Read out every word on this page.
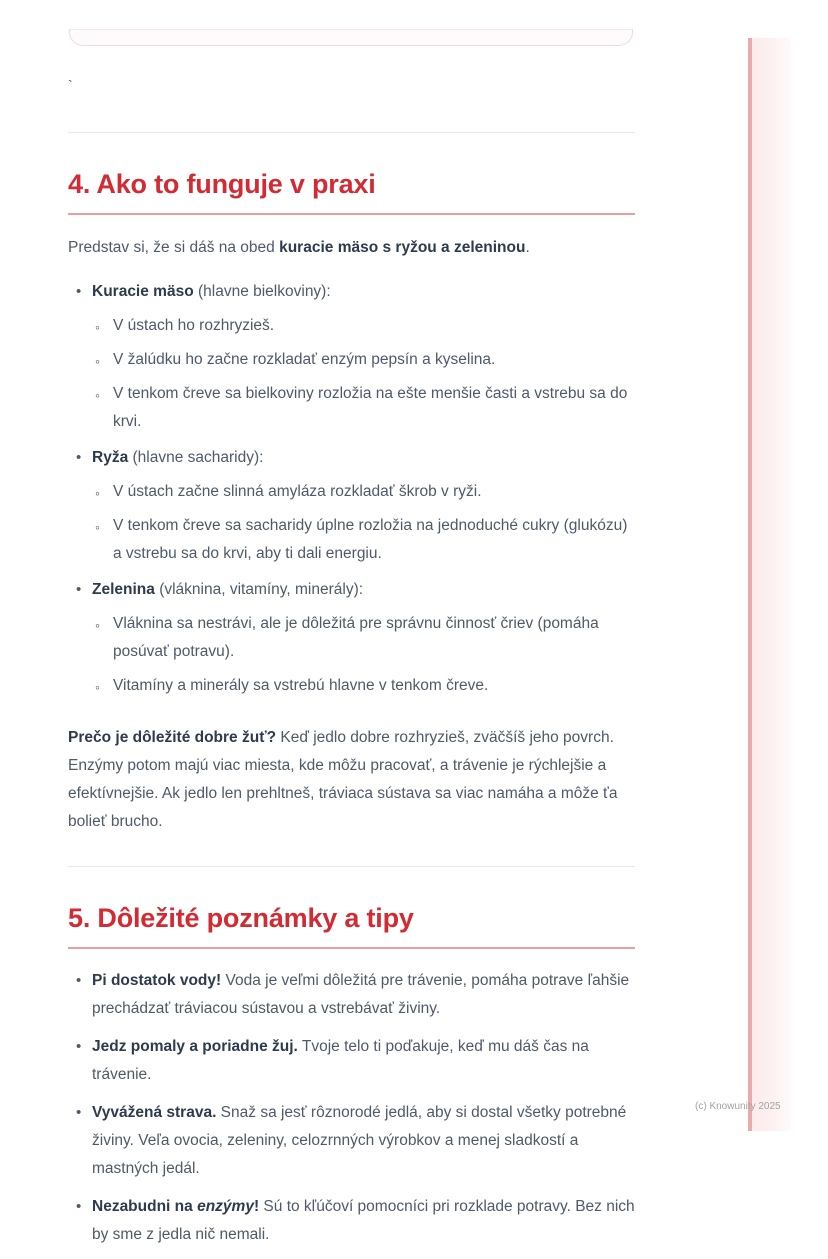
`
4. Ako to funguje v praxi

Predstav si, že si dáš na obed kuracie mäso s ryžou a zeleninou.

• Kuracie mäso (hlavne bielkoviny):

◦ V ústach ho rozhryzieš.
◦ V žalúdku ho začne rozkladať enzým pepsín a kyselina.
◦ V tenkom čreve sa bielkoviny rozložia na ešte menšie časti a vstrebu sa do krvi.

• Ryža (hlavne sacharidy):

◦ V ústach začne slinná amyláza rozkladať škrob v ryži.
◦ V tenkom čreve sa sacharidy úplne rozložia na jednoduché cukry (glukózu) a vstrebu sa do krvi, aby ti dali energiu.

• Zelenina (vláknina, vitamíny, minerály):

◦ Vláknina sa nestrávi, ale je dôležitá pre správnu činnosť čriev (pomáha posúvať potravu).
◦ Vitamíny a minerály sa vstrebú hlavne v tenkom čreve.

Prečo je dôležité dobre žuť? Keď jedlo dobre rozhryzieš, zväčšíš jeho povrch. Enzýmy potom majú viac miesta, kde môžu pracovať, a trávenie je rýchlejšie a efektívnejšie. Ak jedlo len prehltneš, tráviaca sústava sa viac namáha a môže ťa bolieť brucho.

5. Dôležité poznámky a tipy
• Pi dostatok vody! Voda je veľmi dôležitá pre trávenie, pomáha potrave ľahšie prechádzať tráviacou sústavou a vstrebávať živiny.
• Jedz pomaly a poriadne žuj. Tvoje telo ti poďakuje, keď mu dáš čas na trávenie.
• Vyvážená strava. Snaž sa jesť rôznorodé jedlá, aby si dostal všetky potrebné živiny. Veľa ovocia, zeleniny, celozrnných výrobkov a menej sladkostí a mastných jedál.
• Nezabudni na enzýmy! Sú to kľúčoví pomocníci pri rozklade potravy. Bez nich by sme z jedla nič nemali.
(c) Knowunity 2025
